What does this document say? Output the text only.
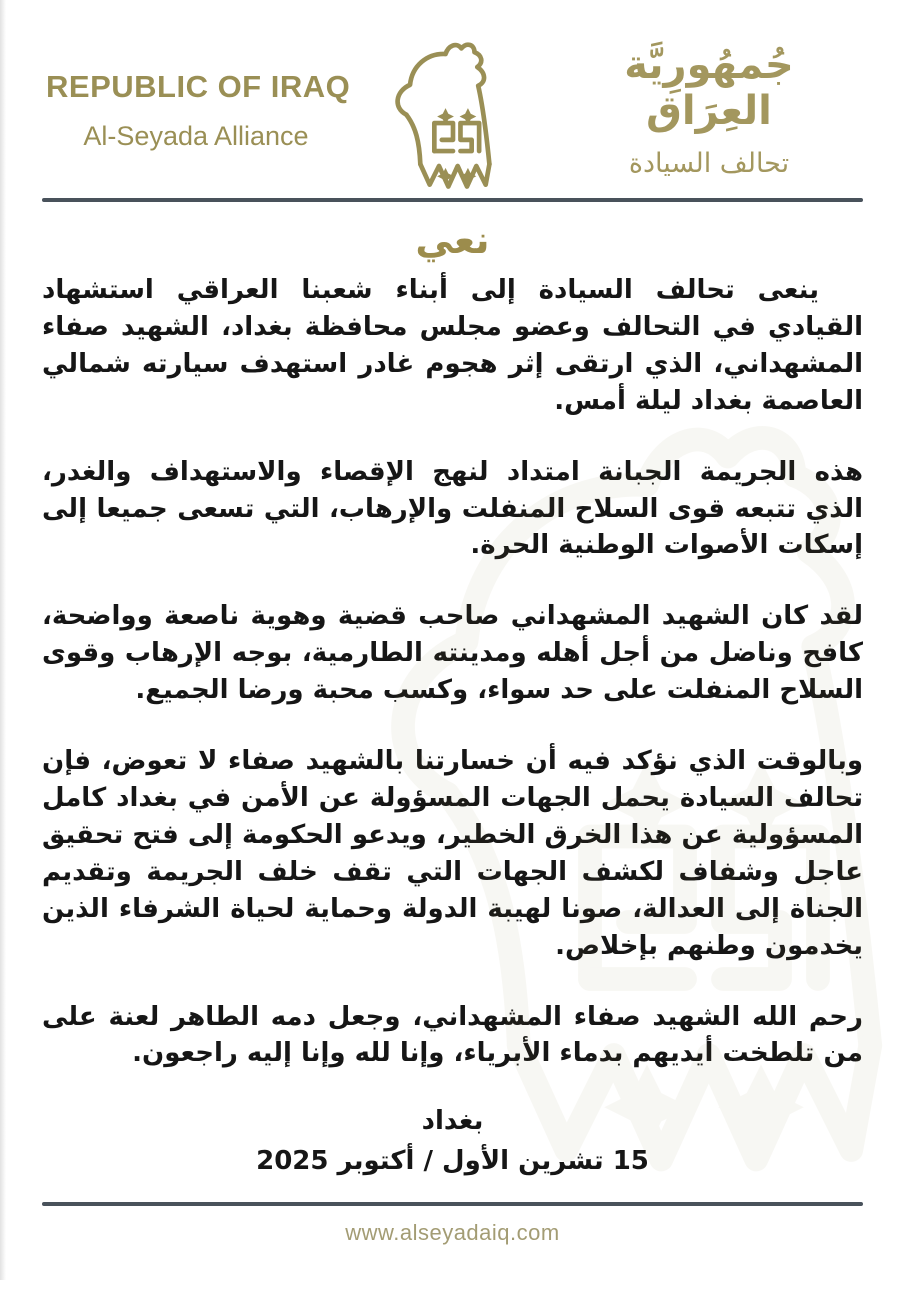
REPUBLIC OF IRAQ
Al-Seyada Alliance
جُمهُورِيَّة العِرَاق
تحالف السيادة
نعي

ينعى تحالف السيادة إلى أبناء شعبنا العراقي استشهاد القيادي في التحالف وعضو مجلس محافظة بغداد، الشهيد صفاء المشهداني، الذي ارتقى إثر هجوم غادر استهدف سيارته شمالي العاصمة بغداد ليلة أمس.

هذه الجريمة الجبانة امتداد لنهج الإقصاء والاستهداف والغدر، الذي تتبعه قوى السلاح المنفلت والإرهاب، التي تسعى جميعا إلى إسكات الأصوات الوطنية الحرة.

لقد كان الشهيد المشهداني صاحب قضية وهوية ناصعة وواضحة، كافح وناضل من أجل أهله ومدينته الطارمية، بوجه الإرهاب وقوى السلاح المنفلت على حد سواء، وكسب محبة ورضا الجميع.

وبالوقت الذي نؤكد فيه أن خسارتنا بالشهيد صفاء لا تعوض، فإن تحالف السيادة يحمل الجهات المسؤولة عن الأمن في بغداد كامل المسؤولية عن هذا الخرق الخطير، ويدعو الحكومة إلى فتح تحقيق عاجل وشفاف لكشف الجهات التي تقف خلف الجريمة وتقديم الجناة إلى العدالة، صونا لهيبة الدولة وحماية لحياة الشرفاء الذين يخدمون وطنهم بإخلاص.

رحم الله الشهيد صفاء المشهداني، وجعل دمه الطاهر لعنة على من تلطخت أيديهم بدماء الأبرياء، وإنا لله وإنا إليه راجعون.

بغداد
15 تشرين الأول / أكتوبر 2025
www.alseyadaiq.com
